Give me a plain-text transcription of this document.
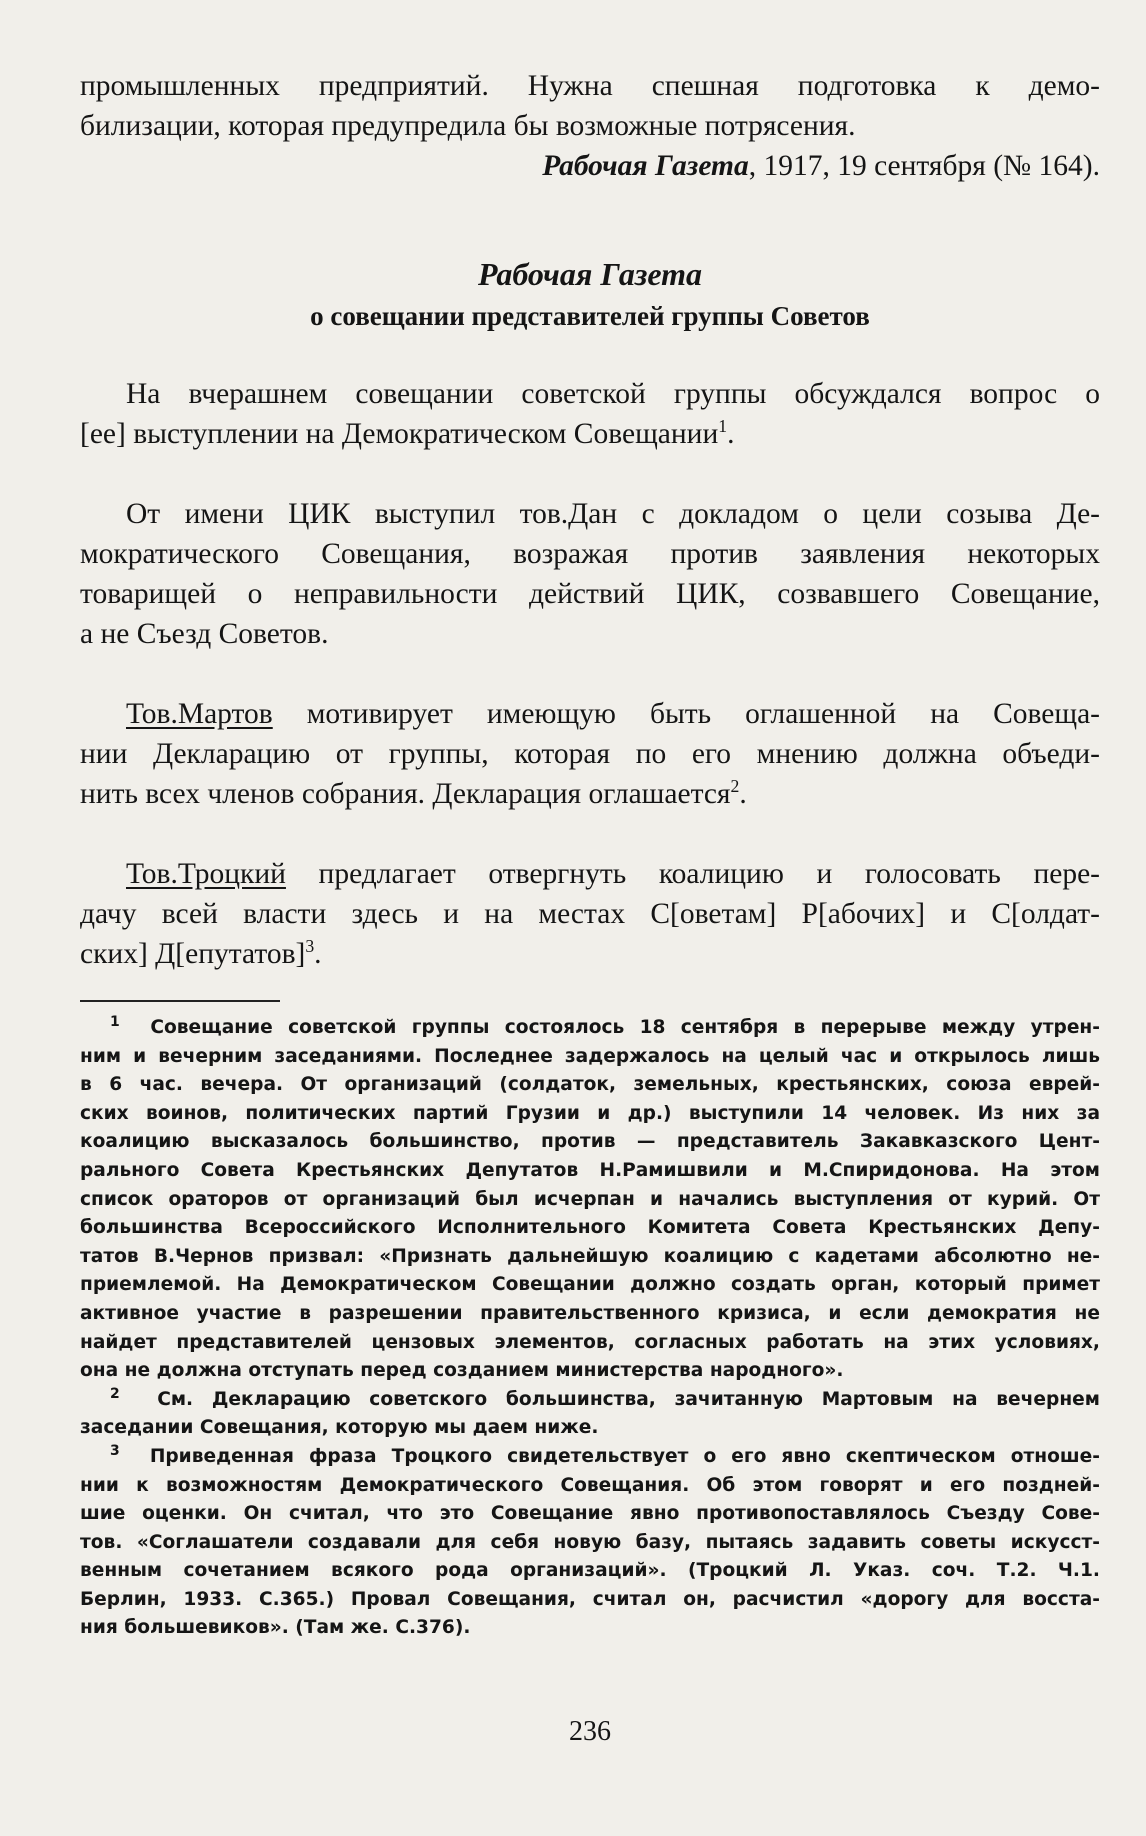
промышленных предприятий. Нужна спешная подготовка к демо-
билизации, которая предупредила бы возможные потрясения.

Рабочая Газета, 1917, 19 сентября (№ 164).

Рабочая Газета
о совещании представителей группы Советов

На вчерашнем совещании советской группы обсуждался вопрос о
[ее] выступлении на Демократическом Совещании$^1$.

От имени ЦИК выступил тов.Дан с докладом о цели созыва Де-
мократического Совещания, возражая против заявления некоторых
товарищей о неправильности действий ЦИК, созвавшего Совещание,
а не Съезд Советов.

Тов.Мартов мотивирует имеющую быть оглашенной на Совеща-
нии Декларацию от группы, которая по его мнению должна объеди-
нить всех членов собрания. Декларация оглашается$^2$.

Тов.Троцкий предлагает отвергнуть коалицию и голосовать пере-
дачу всей власти здесь и на местах С[оветам] Р[абочих] и С[олдат-
ских] Д[епутатов]$^3$.

$^1$ Совещание советской группы состоялось 18 сентября в перерыве между утрен-
ним и вечерним заседаниями. Последнее задержалось на целый час и открылось лишь
в 6 час. вечера. От организаций (солдаток, земельных, крестьянских, союза еврей-
ских воинов, политических партий Грузии и др.) выступили 14 человек. Из них за
коалицию высказалось большинство, против — представитель Закавказского Цент-
рального Совета Крестьянских Депутатов Н.Рамишвили и М.Спиридонова. На этом
список ораторов от организаций был исчерпан и начались выступления от курий. От
большинства Всероссийского Исполнительного Комитета Совета Крестьянских Депу-
татов В.Чернов призвал: «Признать дальнейшую коалицию с кадетами абсолютно не-
приемлемой. На Демократическом Совещании должно создать орган, который примет
активное участие в разрешении правительственного кризиса, и если демократия не
найдет представителей цензовых элементов, согласных работать на этих условиях,
она не должна отступать перед созданием министерства народного».

$^2$ См. Декларацию советского большинства, зачитанную Мартовым на вечернем
заседании Совещания, которую мы даем ниже.

$^3$ Приведенная фраза Троцкого свидетельствует о его явно скептическом отноше-
нии к возможностям Демократического Совещания. Об этом говорят и его поздней-
шие оценки. Он считал, что это Совещание явно противопоставлялось Съезду Сове-
тов. «Соглашатели создавали для себя новую базу, пытаясь задавить советы искусст-
венным сочетанием всякого рода организаций». (Троцкий Л. Указ. соч. Т.2. Ч.1.
Берлин, 1933. С.365.) Провал Совещания, считал он, расчистил «дорогу для восста-
ния большевиков». (Там же. С.376).

236
